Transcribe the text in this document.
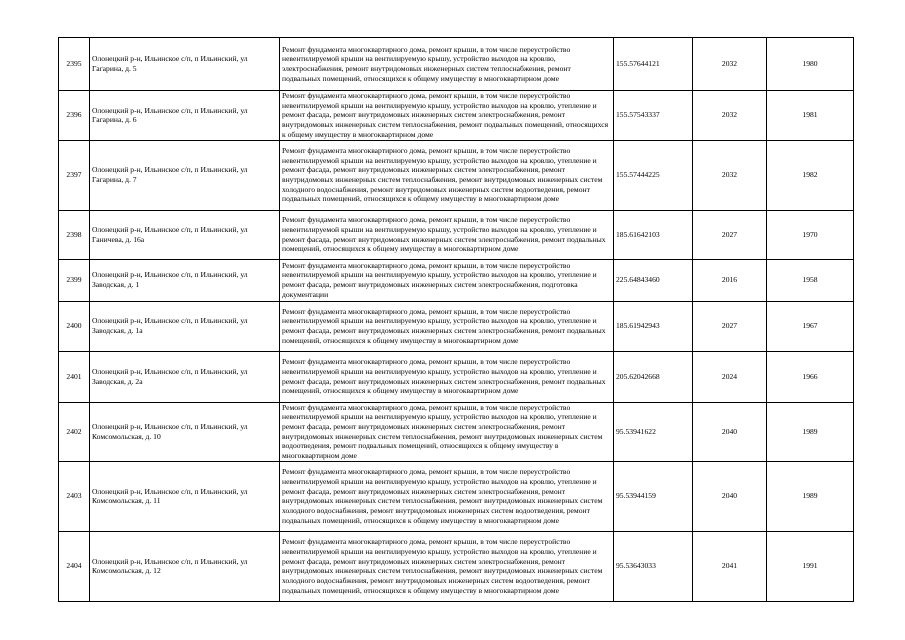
2395	Олонецкий р-н, Ильинское с/п, п Ильинский, ул Гагарина, д. 5	Ремонт фундамента многоквартирного дома, ремонт крыши, в том числе переустройство невентилируемой крыши на вентилируемую крышу, устройство выходов на кровлю, электроснабжения, ремонт внутридомовых инженерных систем теплоснабжения, ремонт подвальных помещений, относящихся к общему имуществу в многоквартирном доме	155.57644121	2032	1980
2396	Олонецкий р-н, Ильинское с/п, п Ильинский, ул Гагарина, д. 6	Ремонт фундамента многоквартирного дома, ремонт крыши, в том числе переустройство невентилируемой крыши на вентилируемую крышу, устройство выходов на кровлю, утепление и ремонт фасада, ремонт внутридомовых инженерных систем электроснабжения, ремонт внутридомовых инженерных систем теплоснабжения, ремонт подвальных помещений, относящихся к общему имуществу в многоквартирном доме	155.57543337	2032	1981
2397	Олонецкий р-н, Ильинское с/п, п Ильинский, ул Гагарина, д. 7	Ремонт фундамента многоквартирного дома, ремонт крыши, в том числе переустройство невентилируемой крыши на вентилируемую крышу, устройство выходов на кровлю, утепление и ремонт фасада, ремонт внутридомовых инженерных систем электроснабжения, ремонт внутридомовых инженерных систем теплоснабжения, ремонт внутридомовых инженерных систем холодного водоснабжения, ремонт внутридомовых инженерных систем водоотведения, ремонт подвальных помещений, относящихся к общему имуществу в многоквартирном доме	155.57444225	2032	1982
2398	Олонецкий р-н, Ильинское с/п, п Ильинский, ул Ганичева, д. 16а	Ремонт фундамента многоквартирного дома, ремонт крыши, в том числе переустройство невентилируемой крыши на вентилируемую крышу, устройство выходов на кровлю, утепление и ремонт фасада, ремонт внутридомовых инженерных систем электроснабжения, ремонт подвальных помещений, относящихся к общему имуществу в многоквартирном доме	185.61642103	2027	1970
2399	Олонецкий р-н, Ильинское с/п, п Ильинский, ул Заводская, д. 1	Ремонт фундамента многоквартирного дома, ремонт крыши, в том числе переустройство невентилируемой крыши на вентилируемую крышу, устройство выходов на кровлю, утепление и ремонт фасада, ремонт внутридомовых инженерных систем электроснабжения, подготовка документации	225.64843460	2016	1958
2400	Олонецкий р-н, Ильинское с/п, п Ильинский, ул Заводская, д. 1а	Ремонт фундамента многоквартирного дома, ремонт крыши, в том числе переустройство невентилируемой крыши на вентилируемую крышу, устройство выходов на кровлю, утепление и ремонт фасада, ремонт внутридомовых инженерных систем электроснабжения, ремонт подвальных помещений, относящихся к общему имуществу в многоквартирном доме	185.61942943	2027	1967
2401	Олонецкий р-н, Ильинское с/п, п Ильинский, ул Заводская, д. 2а	Ремонт фундамента многоквартирного дома, ремонт крыши, в том числе переустройство невентилируемой крыши на вентилируемую крышу, устройство выходов на кровлю, утепление и ремонт фасада, ремонт внутридомовых инженерных систем электроснабжения, ремонт подвальных помещений, относящихся к общему имуществу в многоквартирном доме	205.62042668	2024	1966
2402	Олонецкий р-н, Ильинское с/п, п Ильинский, ул Комсомольская, д. 10	Ремонт фундамента многоквартирного дома, ремонт крыши, в том числе переустройство невентилируемой крыши на вентилируемую крышу, устройство выходов на кровлю, утепление и ремонт фасада, ремонт внутридомовых инженерных систем электроснабжения, ремонт внутридомовых инженерных систем теплоснабжения, ремонт внутридомовых инженерных систем водоотведения, ремонт подвальных помещений, относящихся к общему имуществу в многоквартирном доме	95.53941622	2040	1989
2403	Олонецкий р-н, Ильинское с/п, п Ильинский, ул Комсомольская, д. 11	Ремонт фундамента многоквартирного дома, ремонт крыши, в том числе переустройство невентилируемой крыши на вентилируемую крышу, устройство выходов на кровлю, утепление и ремонт фасада, ремонт внутридомовых инженерных систем электроснабжения, ремонт внутридомовых инженерных систем теплоснабжения, ремонт внутридомовых инженерных систем холодного водоснабжения, ремонт внутридомовых инженерных систем водоотведения, ремонт подвальных помещений, относящихся к общему имуществу в многоквартирном доме	95.53944159	2040	1989
2404	Олонецкий р-н, Ильинское с/п, п Ильинский, ул Комсомольская, д. 12	Ремонт фундамента многоквартирного дома, ремонт крыши, в том числе переустройство невентилируемой крыши на вентилируемую крышу, устройство выходов на кровлю, утепление и ремонт фасада, ремонт внутридомовых инженерных систем электроснабжения, ремонт внутридомовых инженерных систем теплоснабжения, ремонт внутридомовых инженерных систем холодного водоснабжения, ремонт внутридомовых инженерных систем водоотведения, ремонт подвальных помещений, относящихся к общему имуществу в многоквартирном доме	95.53643033	2041	1991
